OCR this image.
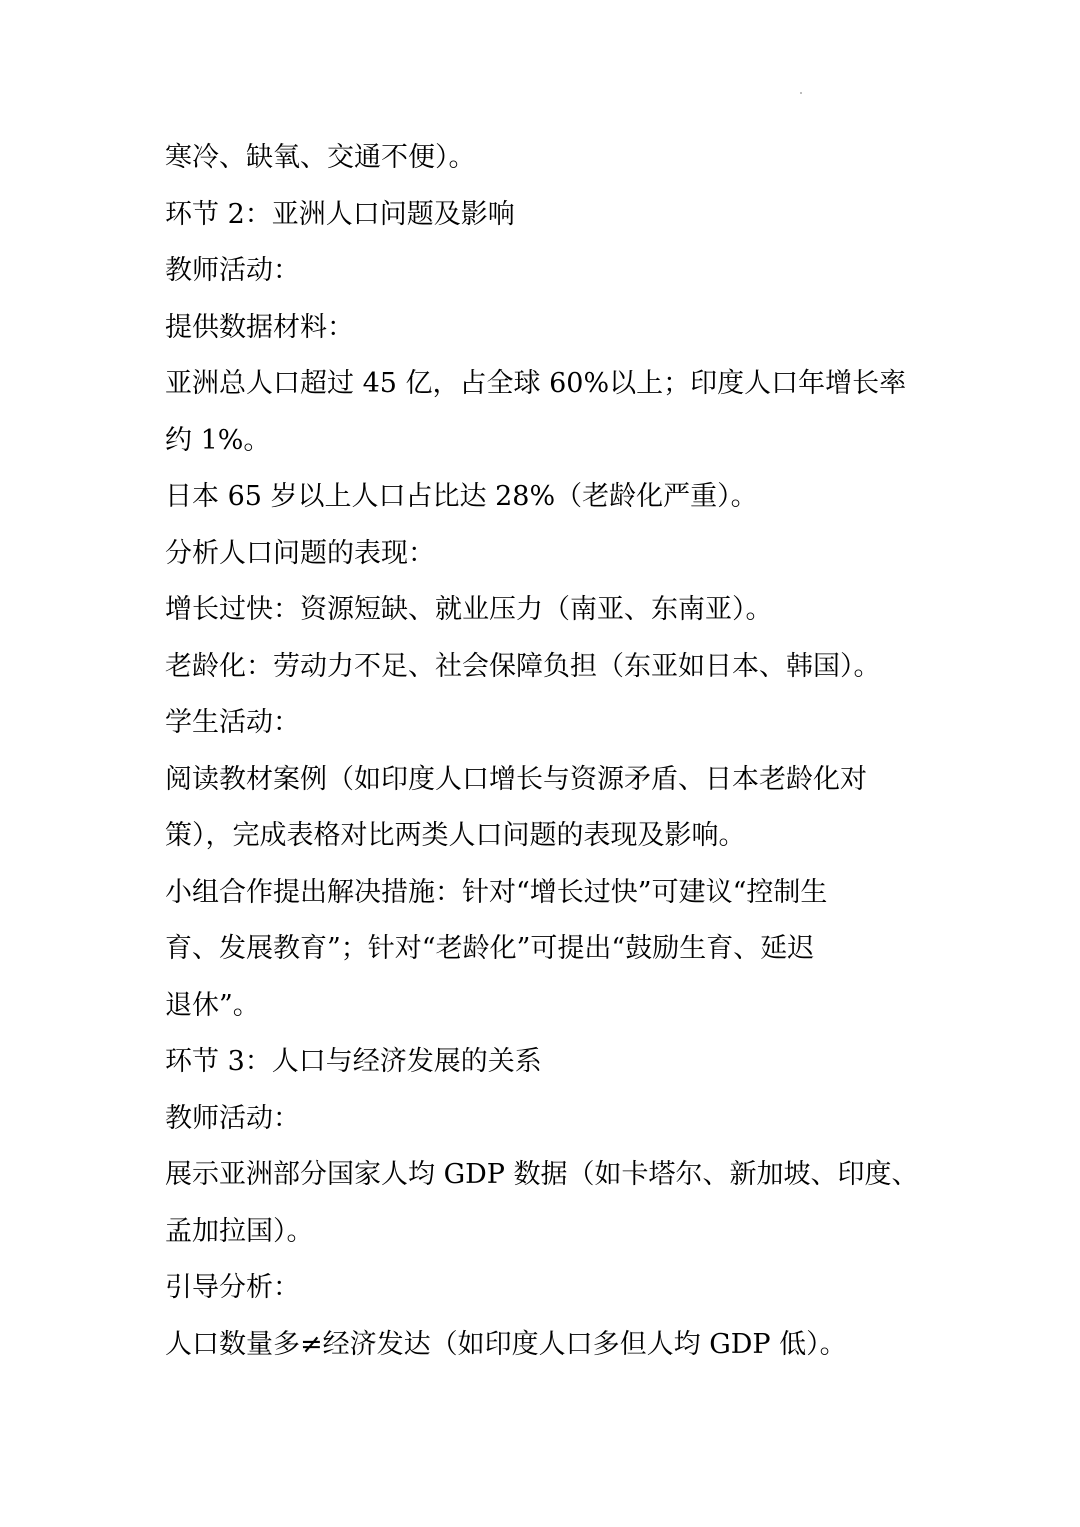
寒冷、缺氧、交通不便）。

环节 2：亚洲人口问题及影响

教师活动：

提供数据材料：

亚洲总人口超过 45 亿，占全球 60%以上；印度人口年增长率

约 1%。

日本 65 岁以上人口占比达 28%（老龄化严重）。

分析人口问题的表现：

增长过快：资源短缺、就业压力（南亚、东南亚）。

老龄化：劳动力不足、社会保障负担（东亚如日本、韩国）。

学生活动：

阅读教材案例（如印度人口增长与资源矛盾、日本老龄化对

策），完成表格对比两类人口问题的表现及影响。

小组合作提出解决措施：针对“增长过快”可建议“控制生

育、发展教育”；针对“老龄化”可提出“鼓励生育、延迟

退休”。

环节 3：人口与经济发展的关系

教师活动：

展示亚洲部分国家人均 GDP 数据（如卡塔尔、新加坡、印度、

孟加拉国）。

引导分析：

人口数量多≠经济发达（如印度人口多但人均 GDP 低）。
